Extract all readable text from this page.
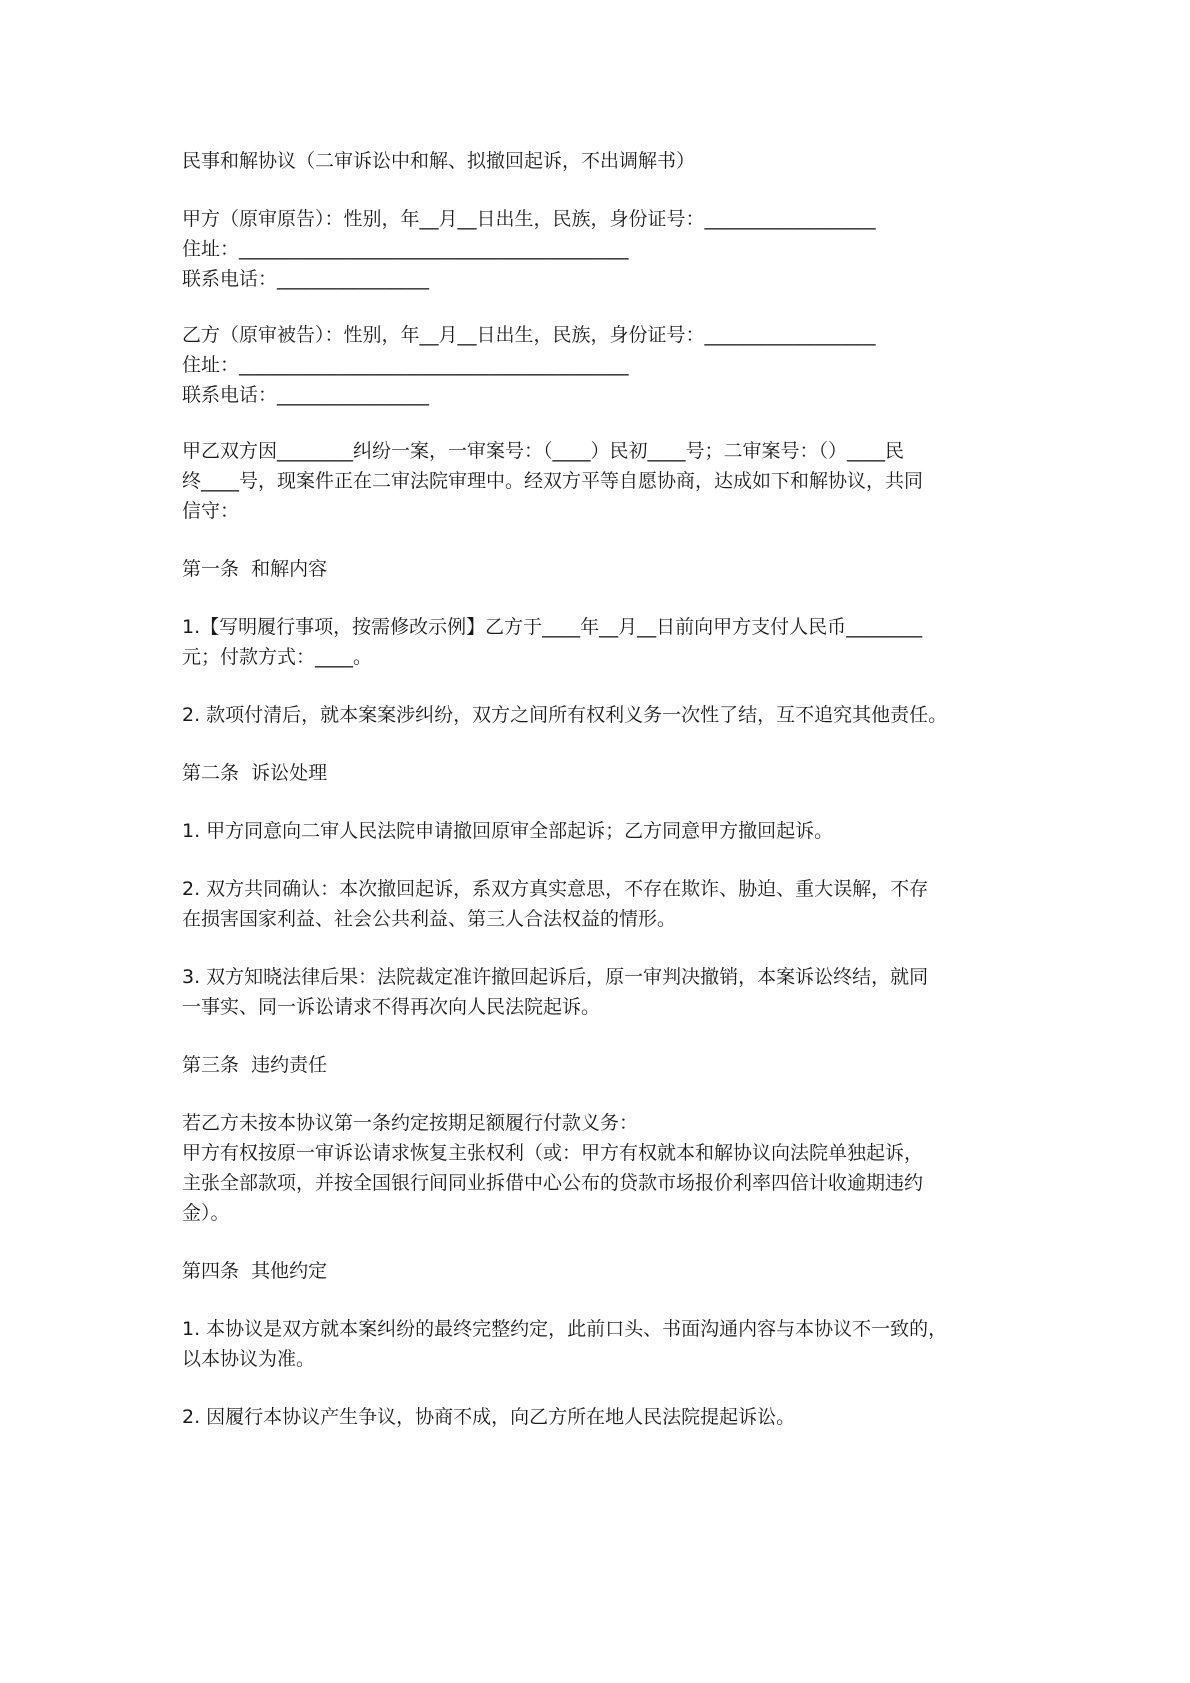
民事和解协议（二审诉讼中和解、拟撤回起诉，不出调解书）

甲方（原审原告）：性别，年__月__日出生，民族，身份证号：__________________

住址：_________________________________________

联系电话：________________

乙方（原审被告）：性别，年__月__日出生，民族，身份证号：__________________

住址：_________________________________________

联系电话：________________

甲乙双方因________纠纷一案，一审案号：（____）民初____号；二审案号：（）____民

终____号，现案件正在二审法院审理中。经双方平等自愿协商，达成如下和解协议，共同

信守：

第一条  和解内容

1.【写明履行事项，按需修改示例】乙方于____年__月__日前向甲方支付人民币________

元；付款方式：____。

2. 款项付清后，就本案案涉纠纷，双方之间所有权利义务一次性了结，互不追究其他责任。

第二条  诉讼处理

1. 甲方同意向二审人民法院申请撤回原审全部起诉；乙方同意甲方撤回起诉。

2. 双方共同确认：本次撤回起诉，系双方真实意思，不存在欺诈、胁迫、重大误解，不存

在损害国家利益、社会公共利益、第三人合法权益的情形。

3. 双方知晓法律后果：法院裁定准许撤回起诉后，原一审判决撤销，本案诉讼终结，就同

一事实、同一诉讼请求不得再次向人民法院起诉。

第三条  违约责任

若乙方未按本协议第一条约定按期足额履行付款义务：

甲方有权按原一审诉讼请求恢复主张权利（或：甲方有权就本和解协议向法院单独起诉，

主张全部款项，并按全国银行间同业拆借中心公布的贷款市场报价利率四倍计收逾期违约

金）。

第四条  其他约定

1. 本协议是双方就本案纠纷的最终完整约定，此前口头、书面沟通内容与本协议不一致的，

以本协议为准。

2. 因履行本协议产生争议，协商不成，向乙方所在地人民法院提起诉讼。
